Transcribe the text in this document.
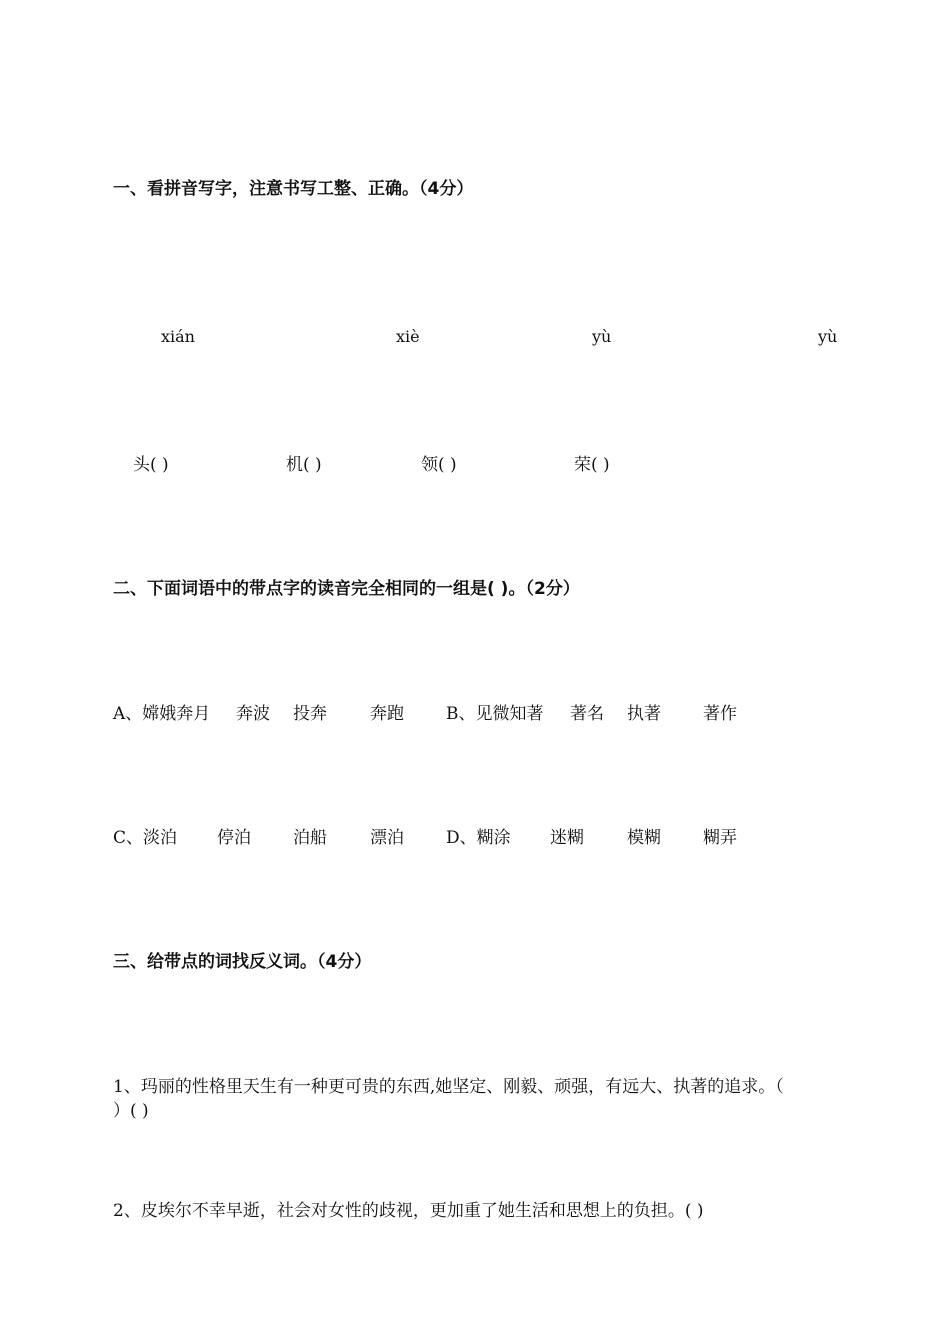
一、看拼音写字，注意书写工整、正确。（4分）
xián	xiè	yù	yù
头( )	机( )	领( )	荣( )
二、下面词语中的带点字的读音完全相同的一组是( )。（2分）
A、嫦娥奔月 奔波 投奔	奔跑 B、见微知著 著名 执著 著作
C、淡泊 停泊 泊船	漂泊 D、糊涂 迷糊	模糊 糊弄
三、给带点的词找反义词。（4分）
1、玛丽的性格里天生有一种更可贵的东西,她坚定、刚毅、顽强，有远大、执著的追求。（
）( )
2、皮埃尔不幸早逝，社会对女性的歧视，更加重了她生活和思想上的负担。( )
